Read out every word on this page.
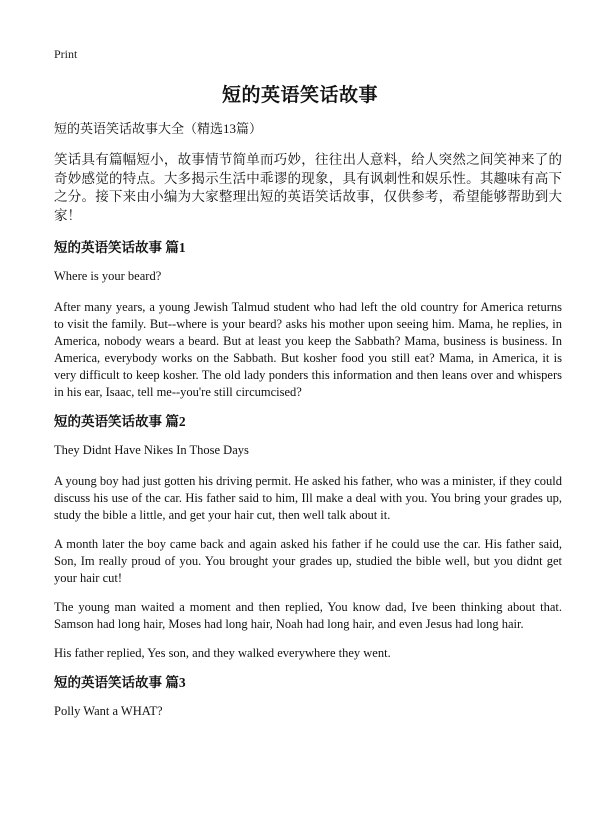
Print
短的英语笑话故事

短的英语笑话故事大全（精选13篇）

笑话具有篇幅短小，故事情节简单而巧妙，往往出人意料，给人突然之间笑神来了的奇妙感觉的特点。大多揭示生活中乖谬的现象，具有讽刺性和娱乐性。其趣味有高下之分。接下来由小编为大家整理出短的英语笑话故事，仅供参考，希望能够帮助到大家！

短的英语笑话故事 篇1

Where is your beard?

After many years, a young Jewish Talmud student who had left the old country for America returns to visit the family. But--where is your beard? asks his mother upon seeing him. Mama, he replies, in America, nobody wears a beard. But at least you keep the Sabbath? Mama, business is business. In America, everybody works on the Sabbath. But kosher food you still eat? Mama, in America, it is very difficult to keep kosher. The old lady ponders this information and then leans over and whispers in his ear, Isaac, tell me--you're still circumcised?

短的英语笑话故事 篇2

They Didnt Have Nikes In Those Days

A young boy had just gotten his driving permit. He asked his father, who was a minister, if they could discuss his use of the car. His father said to him, Ill make a deal with you. You bring your grades up, study the bible a little, and get your hair cut, then well talk about it.

A month later the boy came back and again asked his father if he could use the car. His father said, Son, Im really proud of you. You brought your grades up, studied the bible well, but you didnt get your hair cut!

The young man waited a moment and then replied, You know dad, Ive been thinking about that. Samson had long hair, Moses had long hair, Noah had long hair, and even Jesus had long hair.

His father replied, Yes son, and they walked everywhere they went.

短的英语笑话故事 篇3

Polly Want a WHAT?
